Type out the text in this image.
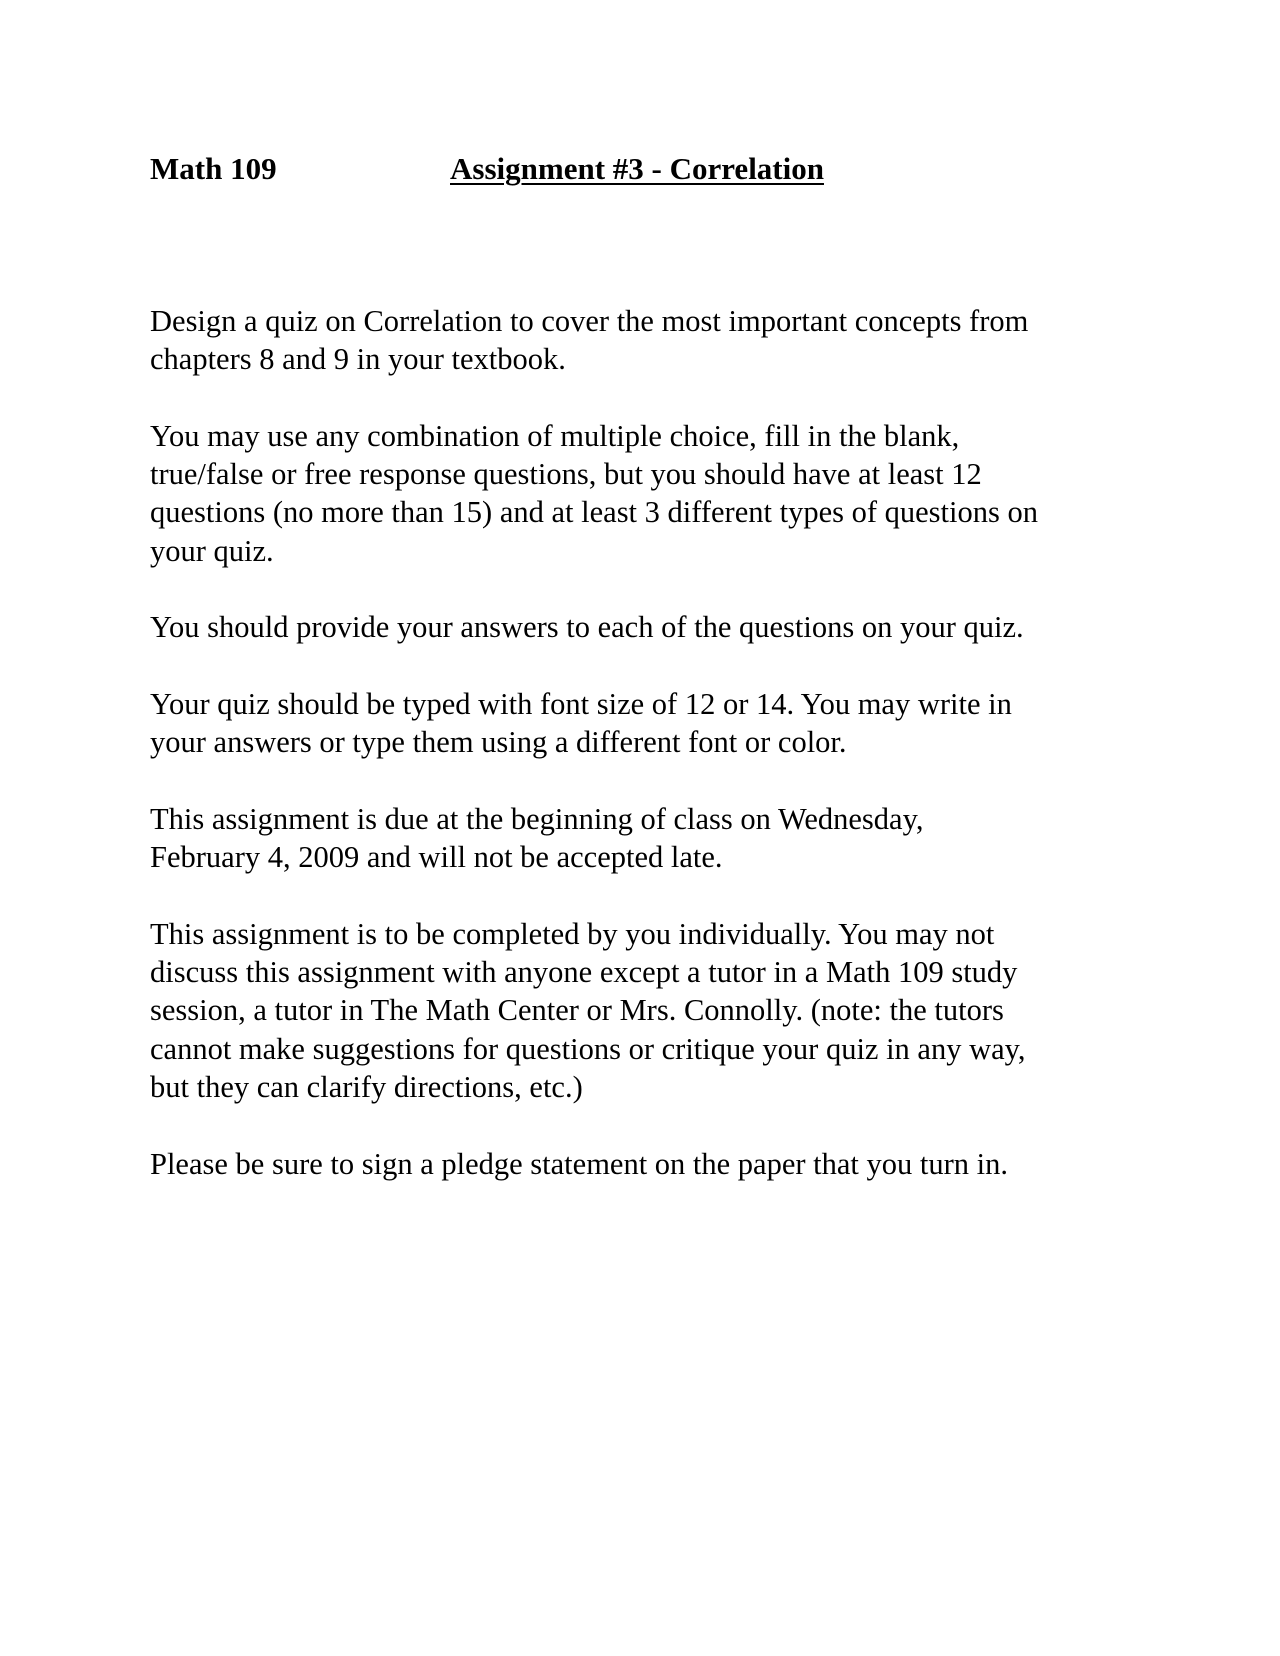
Math 109	Assignment #3 - Correlation

Design a quiz on Correlation to cover the most important concepts from
chapters 8 and 9 in your textbook.

You may use any combination of multiple choice, fill in the blank,
true/false or free response questions, but you should have at least 12
questions (no more than 15) and at least 3 different types of questions on
your quiz.

You should provide your answers to each of the questions on your quiz.

Your quiz should be typed with font size of 12 or 14. You may write in
your answers or type them using a different font or color.

This assignment is due at the beginning of class on Wednesday,
February 4, 2009 and will not be accepted late.

This assignment is to be completed by you individually. You may not
discuss this assignment with anyone except a tutor in a Math 109 study
session, a tutor in The Math Center or Mrs. Connolly. (note: the tutors
cannot make suggestions for questions or critique your quiz in any way,
but they can clarify directions, etc.)

Please be sure to sign a pledge statement on the paper that you turn in.
